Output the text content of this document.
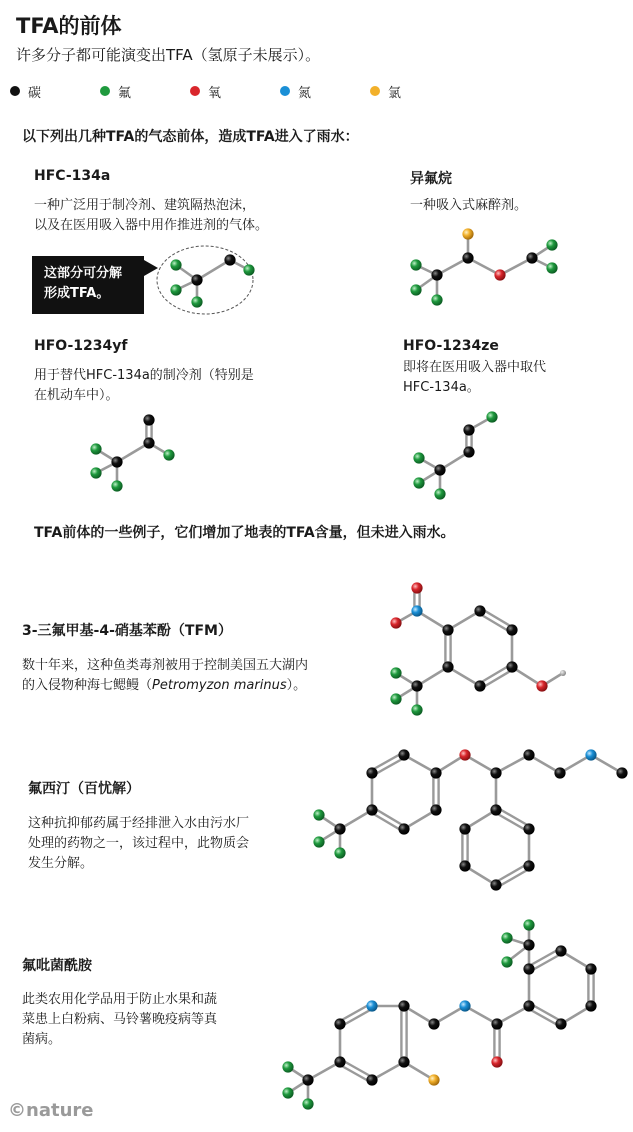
TFA的前体
许多分子都可能演变出TFA（氢原子未展示）。
碳	氟	氧	氮	氯
以下列出几种TFA的气态前体，造成TFA进入了雨水：
HFC-134a
一种广泛用于制冷剂、建筑隔热泡沫，
以及在医用吸入器中用作推进剂的气体。
这部分可分解
形成TFA。
异氟烷
一种吸入式麻醉剂。
HFO-1234yf
用于替代HFC-134a的制冷剂（特别是
在机动车中）。
HFO-1234ze
即将在医用吸入器中取代
HFC-134a。
TFA前体的一些例子，它们增加了地表的TFA含量，但未进入雨水。
3-三氟甲基-4-硝基苯酚（TFM）
数十年来，这种鱼类毒剂被用于控制美国五大湖内
的入侵物种海七鳃鳗（Petromyzon marinus）。
氟西汀（百忧解）
这种抗抑郁药属于经排泄入水由污水厂
处理的药物之一，该过程中，此物质会
发生分解。
氟吡菌酰胺
此类农用化学品用于防止水果和蔬
菜患上白粉病、马铃薯晚疫病等真
菌病。
©nature
